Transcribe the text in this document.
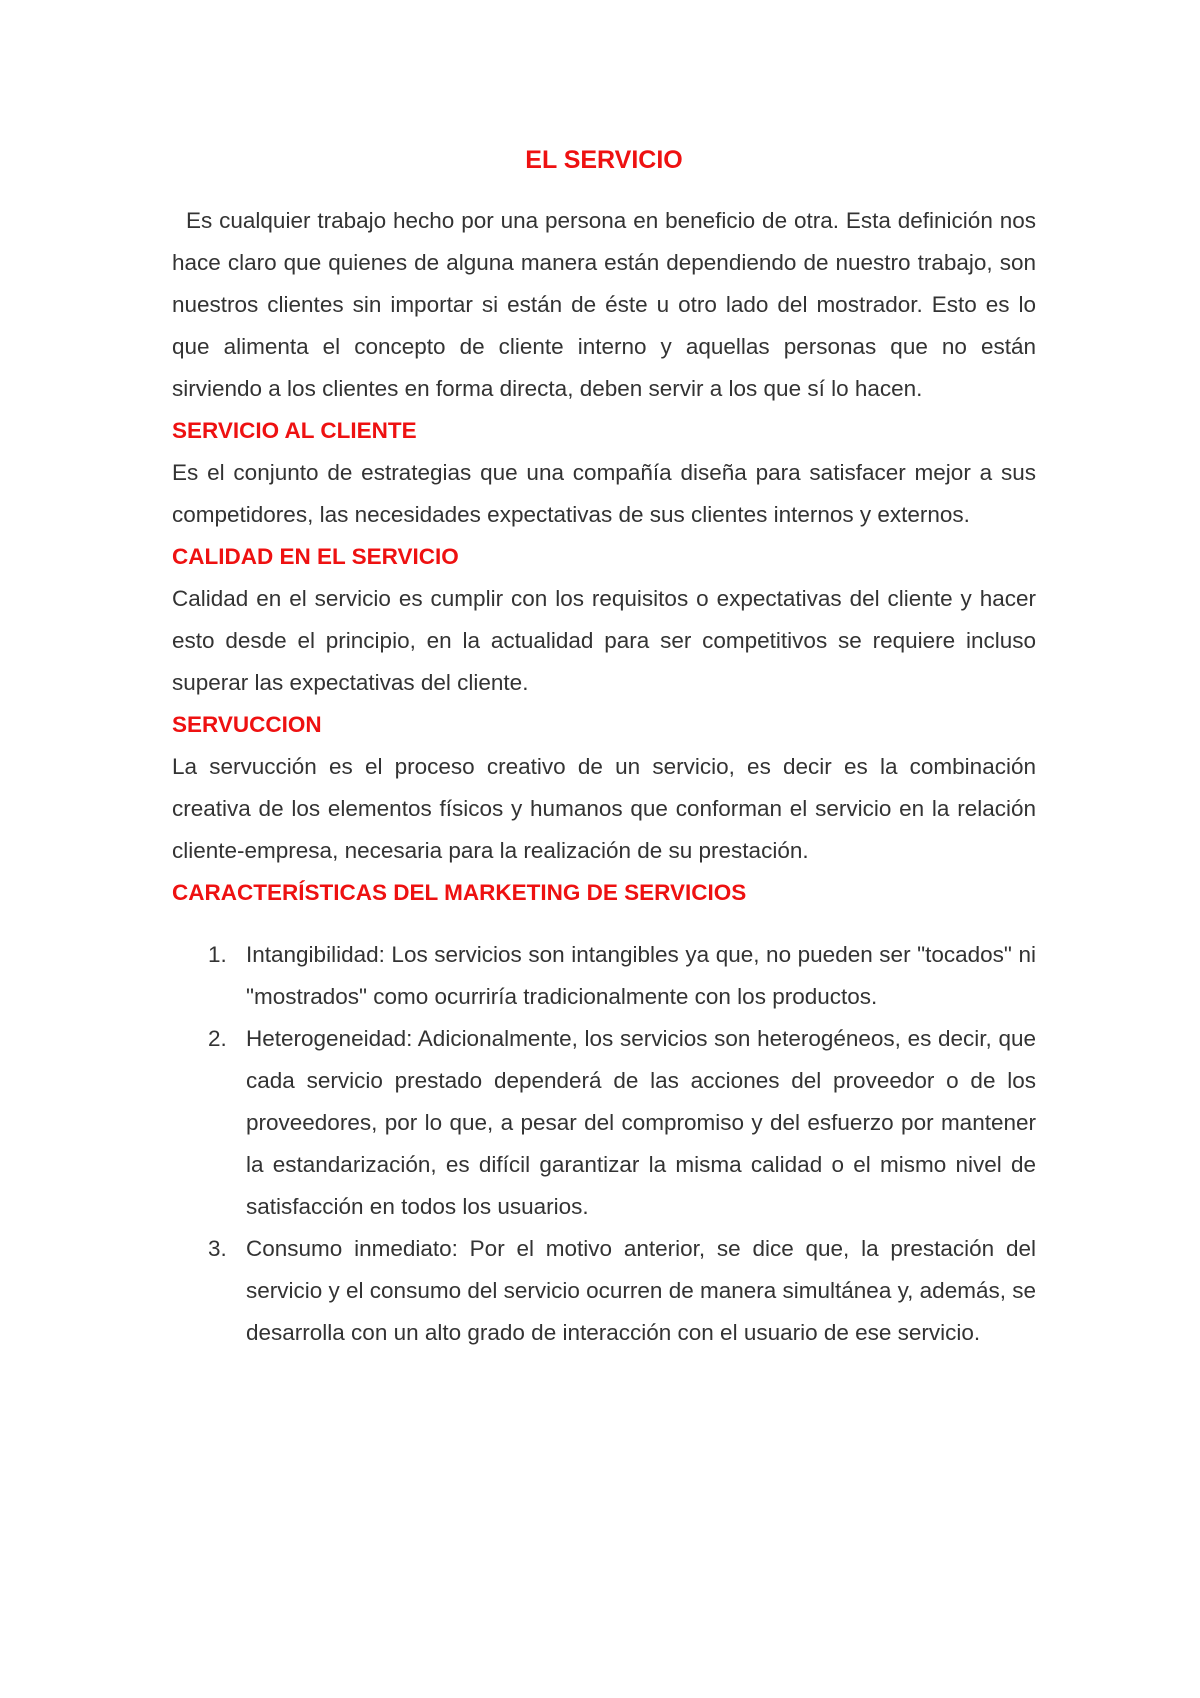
EL SERVICIO

Es cualquier trabajo hecho por una persona en beneficio de otra. Esta definición nos hace claro que quienes de alguna manera están dependiendo de nuestro trabajo, son nuestros clientes sin importar si están de éste u otro lado del mostrador. Esto es lo que alimenta el concepto de cliente interno y aquellas personas que no están sirviendo a los clientes en forma directa, deben servir a los que sí lo hacen.

SERVICIO AL CLIENTE

Es el conjunto de estrategias que una compañía diseña para satisfacer mejor a sus competidores, las necesidades expectativas de sus clientes internos y externos.

CALIDAD EN EL SERVICIO

Calidad en el servicio es cumplir con los requisitos o expectativas del cliente y hacer esto desde el principio, en la actualidad para ser competitivos se requiere incluso superar las expectativas del cliente.

SERVUCCION

La servucción es el proceso creativo de un servicio, es decir es la combinación creativa de los elementos físicos y humanos que conforman el servicio en la relación cliente-empresa, necesaria para la realización de su prestación.

CARACTERÍSTICAS DEL MARKETING DE SERVICIOS
1. Intangibilidad: Los servicios son intangibles ya que, no pueden ser "tocados" ni "mostrados" como ocurriría tradicionalmente con los productos.
2. Heterogeneidad: Adicionalmente, los servicios son heterogéneos, es decir, que cada servicio prestado dependerá de las acciones del proveedor o de los proveedores, por lo que, a pesar del compromiso y del esfuerzo por mantener la estandarización, es difícil garantizar la misma calidad o el mismo nivel de satisfacción en todos los usuarios.
3. Consumo inmediato: Por el motivo anterior, se dice que, la prestación del servicio y el consumo del servicio ocurren de manera simultánea y, además, se desarrolla con un alto grado de interacción con el usuario de ese servicio.
